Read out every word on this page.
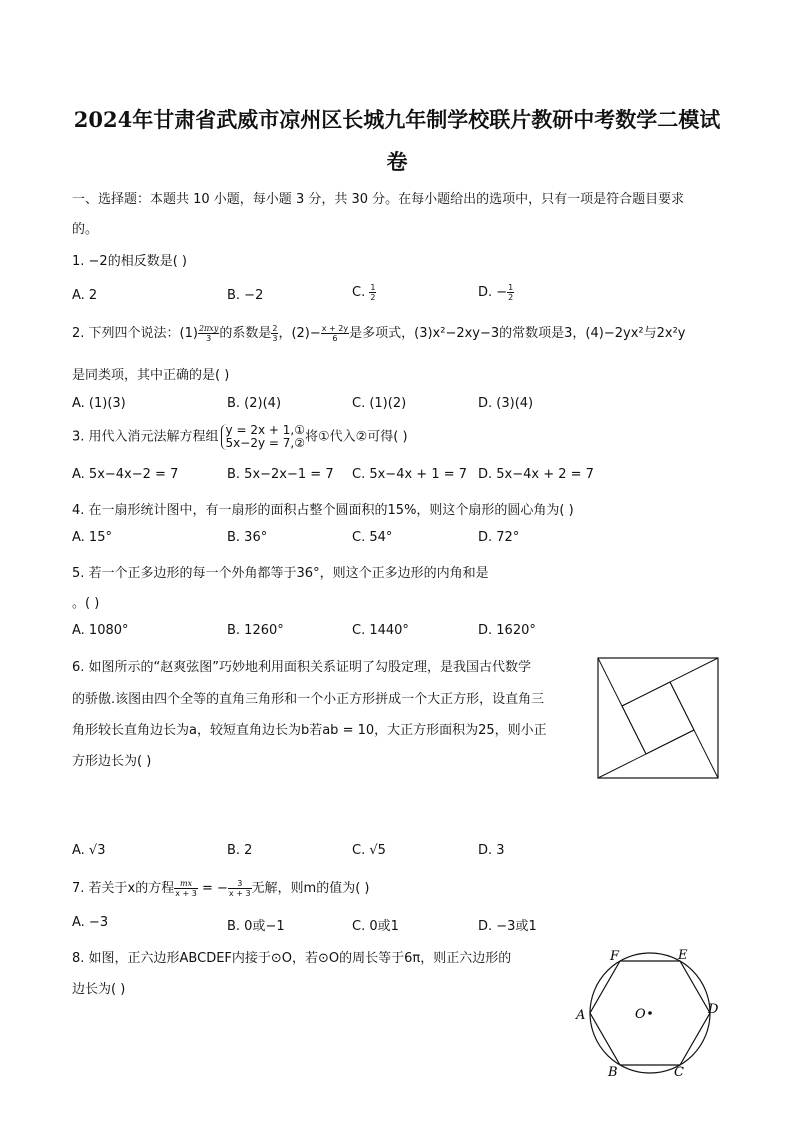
2024年甘肃省武威市凉州区长城九年制学校联片教研中考数学二模试
卷
一、选择题：本题共 10 小题，每小题 3 分，共 30 分。在每小题给出的选项中，只有一项是符合题目要求
的。
1. −2的相反数是( )
A. 2	B. −2	C. $\frac{1}{2}$	D. − $\frac{1}{2}$
2. 下列四个说法：$(1) \frac{\text{2πxy}}{3}$ 的系数是 $\frac{2}{3}$ ，$(2)- \frac{x + 2y}{6}$ 是多项式，(3)x²−2xy−3的常数项是3，(4)−2yx²与2x²y
是同类项，其中正确的是( )
A. (1)(3)	B. (2)(4)	C. (1)(2)	D. (3)(4)
3. 用代入消元法解方程组 y = 2x + 1,①
5x−2y = 7,② 将①代入②可得( )
A. 5x−4x−2 = 7	B. 5x−2x−1 = 7 C. 5x−4x + 1 = 7 D. 5x−4x + 2 = 7
4. 在一扇形统计图中，有一扇形的面积占整个圆面积的15%，则这个扇形的圆心角为( )
A. 15°	B. 36°	C. 54°	D. 72°
5. 若一个正多边形的每一个外角都等于36°，则这个正多边形的内角和是
。( )
A. 1080°	B. 1260°	C. 1440°	D. 1620°
6. 如图所示的“赵爽弦图”巧妙地利用面积关系证明了勾股定理，是我国古代数学
的骄傲.该图由四个全等的直角三角形和一个小正方形拼成一个大正方形，设直角三
角形较长直角边长为a，较短直角边长为b若ab = 10，大正方形面积为25，则小正
方形边长为( )
A. √3	B. 2	C. √5	D. 3
7. 若关于x的方程 $\frac{mx}{x + 3}$ = − $\frac{3}{x + 3}$ 无解，则m的值为( )
A. −3	B. 0或−1	C. 0或1	D. −3或1
8. 如图，正六边形ABCDEF内接于⊙O，若⊙O的周长等于6π，则正六边形的
边长为( )
O
A
B	C
D
E
F
